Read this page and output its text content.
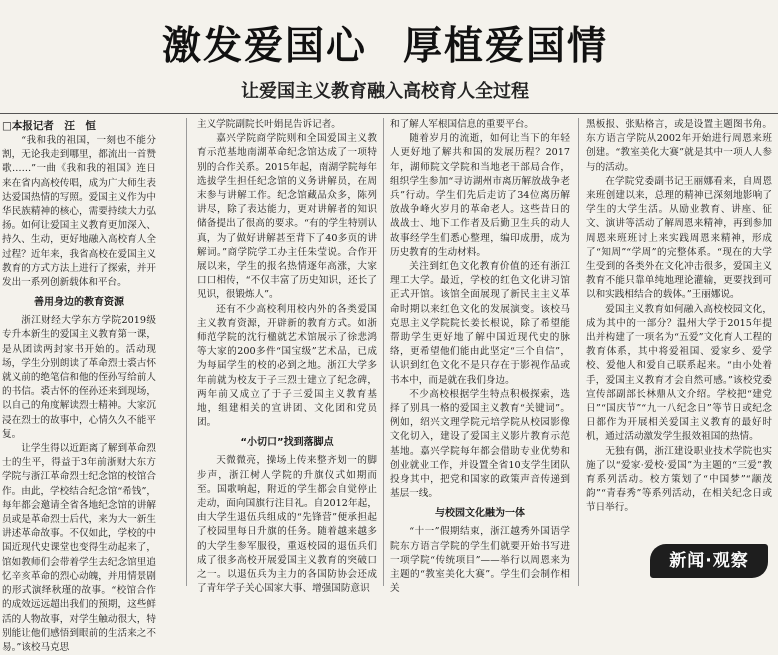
激发爱国心 厚植爱国情
让爱国主义教育融入高校育人全过程

□本报记者　汪　恒

“我和我的祖国，一刻也不能分割，无论我走到哪里，都流出一首赞歌……”一曲《我和我的祖国》连日来在省内高校传唱，成为广大师生表达爱国热情的写照。爱国主义作为中华民族精神的核心，需要持续大力弘扬。如何让爱国主义教育更加深入、持久、生动，更好地融入高校育人全过程？近年来，我省高校在爱国主义教育的方式方法上进行了探索，并开发出一系列创新载体和平台。

善用身边的教育资源

浙江财经大学东方学院2019级专升本新生的爱国主义教育第一课，是从团读两封家书开始的。活动现场，学生分别朗读了革命烈士裘古怀就义前的绝笔信和他的侄孙写给前人的书信。裘古怀的侄孙还来到现场，以自己的角度解读烈士精神。大家沉浸在烈士的故事中，心情久久不能平复。

让学生得以近距离了解到革命烈士的生平，得益于3年前浙财大东方学院与浙江革命烈士纪念馆的校馆合作。由此，学校结合纪念馆“希钱”，每年都会邀请全省各地纪念馆的讲解员或是革命烈士后代，来为大一新生讲述革命故事。不仅如此，学校的中国近现代史课堂也变得生动起来了，馆如教师们会带着学生去纪念馆里追忆辛亥革命的烈心动魄，并用情景剧的形式演绎秋瑾的故事。“校馆合作的成效远远超出我们的预期，这些鲜活的人物故事，对学生触动很大，特别能让他们感悟到眼前的生活来之不易。”该校马克思

主义学院副院长叶娟昆告诉记者。

嘉兴学院商学院则和全国爱国主义教育示范基地南湖革命纪念馆达成了一项特别的合作关系。2015年起，南湖学院每年选拔学生担任纪念馆的义务讲解员，在周末参与讲解工作。纪念馆藏品众多，陈列讲尽，除了表达能力，更对讲解者的知识储备提出了很高的要求。“有的学生特别认真，为了做好讲解甚至背下了40多页的讲解词。”商学院学工办主任朱莹说。合作开展以来，学生的报名热情逐年高涨，大家口口相传，“不仅丰富了历史知识，还长了见识，很锻炼人”。

还有不少高校利用校内外的各类爱国主义教育资源，开辟新的教育方式。如浙师范学院的沈行楹就艺术馆展示了徐悲鸿等大家的200多件“国宝级”艺术品，已成为每届学生的校的必到之地。浙江大学多年前就为校友于子三烈士建立了纪念碑，两年前又成立了于子三爱国主义教育基地，组建相关的宣讲团、文化团和党员团。

“小切口”找到落脚点

天微微亮，操场上传来整齐划一的脚步声，浙江树人学院的升旗仪式如期而至。国歌响起，附近的学生都会自觉停止走动，面向国旗行注目礼。自2012年起，由大学生退伍兵组成的“先锋营”便承担起了校园里每日升旗的任务。随着越来越多的大学生参军服役，重返校园的退伍兵们成了很多高校开展爱国主义教育的突破口之一。以退伍兵为主力的各国防协会还成了青年学子关心国家大事、增强国防意识

和了解人军根国信息的重要平台。

随着岁月的流逝，如何让当下的年轻人更好地了解共和国的发展历程？2017年，湖师院文学院和当地老干部局合作，组织学生参加“寻访湖州市离历解放战争老兵”行动。学生们先后走访了34位离历解放战争峰火岁月的革命老人。这些昔日的战战士、地下工作者及后勤卫生兵的动人故事经学生们悉心整理，编印成册，成为历史教育的生动材料。

关注到红色文化教育价值的还有浙江理工大学。最近，学校的红色文化讲习馆正式开馆。该馆全面展现了新民主主义革命时期以来红色文化的发展演变。该校马克思主义学院院长姜长根说，除了希望能帮助学生更好地了解中国近现代史的脉络，更希望他们能由此坚定“三个自信”，认识到红色文化不是只存在于影视作品或书本中，而是就在我们身边。

不少高校根据学生特点积极探索，选择了别具一格的爱国主义教育“关键词”。例如，绍兴文理学院元培学院从校园影像文化切入，建设了爱国主义影片教育示范基地。嘉兴学院每年都会借助专业优势和创业就业工作，并设置全省10支学生团队投身其中，把党和国家的政策声音传递到基层一线。

与校园文化融为一体

“十一”假期结束，浙江越秀外国语学院东方语言学院的学生们就要开始书写进一项学院“传统项目”——举行以周恩来为主题的“教室美化大赛”。学生们会制作相关

黑板报、张贴格言，或是设置主题图书角。东方语言学院从2002年开始进行周恩来班创建。“教室美化大赛”就是其中一项人人参与的活动。

在学院党委副书记王丽娜看来，自周恩来班创建以来，总理的精神已深刻地影响了学生的大学生活。从励业教育、讲座、征文、演讲等活动了解周恩来精神，再到参加周恩来班班讨上来实践周恩来精神，形成了“知周”“学周”的完整体系。“现在的大学生受到的各类外在文化冲击很多，爱国主义教育不能只靠单纯地理论灌输，更要找到可以和实践相结合的载体。”王丽娜说。

爱国主义教育如何融入高校校园文化，成为其中的一部分？温州大学于2015年提出并构建了一项名为“五爱”文化育人工程的教育体系，其中将爱祖国、爱家乡、爱学校、爱他人和爱自己联系起来。“由小处着手，爱国主义教育才会自然可感。”该校党委宣传部副部长林鼎从文介绍。学校把“建党日”“国庆节”“九一八纪念日”等节日或纪念日都作为开展相关爱国主义教育的最好时机，通过活动激发学生报效祖国的热情。

无独有偶，浙江建设职业技术学院也实施了以“爱家·爱校·爱国”为主题的“三爱”教育系列活动。校方策划了“中国梦”“颛茂韵”“青春秀”等系列活动，在相关纪念日或节日举行。

新闻·观察
